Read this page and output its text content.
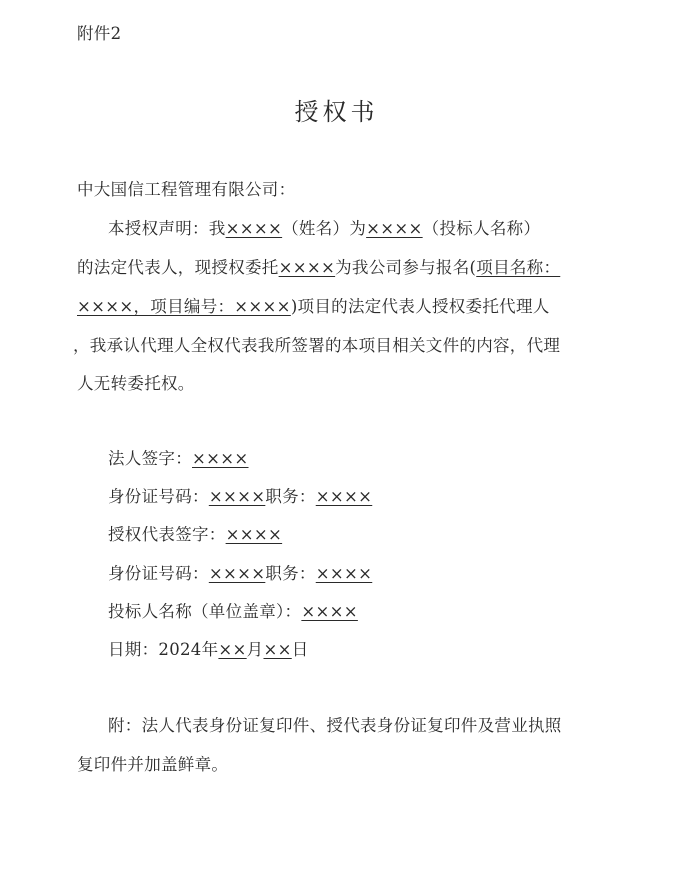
附件2
授权书
中大国信工程管理有限公司：
本授权声明：我××××（姓名）为××××（投标人名称）
的法定代表人，现授权委托××××为我公司参与报名(项目名称：
××××，项目编号：××××)项目的法定代表人授权委托代理人
，我承认代理人全权代表我所签署的本项目相关文件的内容，代理
人无转委托权。
法人签字：××××
身份证号码：××××职务：××××
授权代表签字：××××
身份证号码：××××职务：××××
投标人名称（单位盖章）：××××
日期：2024年××月××日
附：法人代表身份证复印件、授代表身份证复印件及营业执照
复印件并加盖鲜章。
